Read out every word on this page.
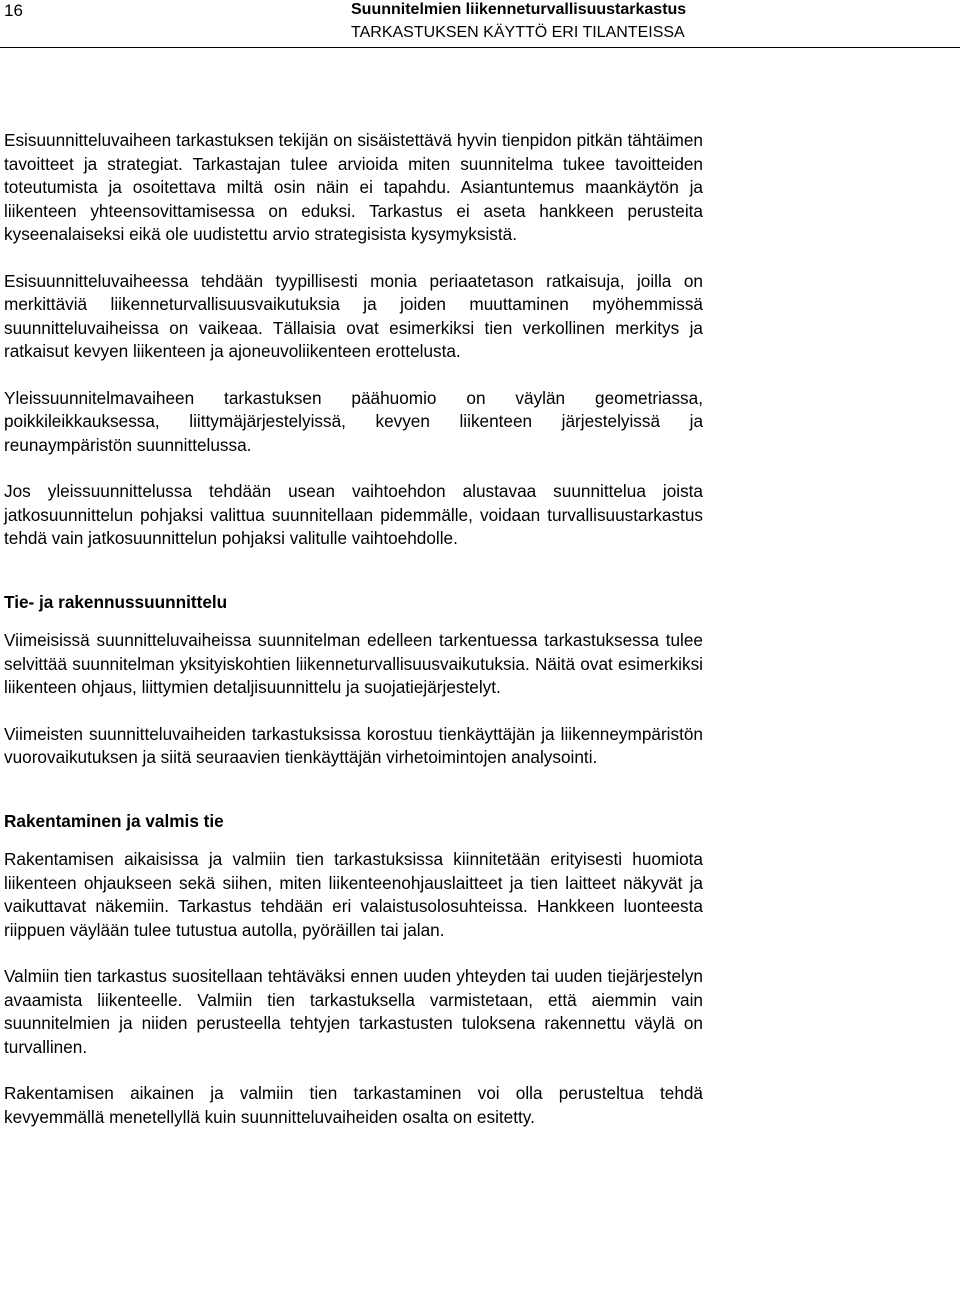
16	Suunnitelmien liikenneturvallisuustarkastus
TARKASTUKSEN KÄYTTÖ ERI TILANTEISSA

Esisuunnitteluvaiheen tarkastuksen tekijän on sisäistettävä hyvin tienpidon pitkän tähtäimen tavoitteet ja strategiat. Tarkastajan tulee arvioida miten suunnitelma tukee tavoitteiden toteutumista ja osoitettava miltä osin näin ei tapahdu. Asiantuntemus maankäytön ja liikenteen yhteensovittamisessa on eduksi. Tarkastus ei aseta hankkeen perusteita kyseenalaiseksi eikä ole uudistettu arvio strategisista kysymyksistä.

Esisuunnitteluvaiheessa tehdään tyypillisesti monia periaatetason ratkaisuja, joilla on merkittäviä liikenneturvallisuusvaikutuksia ja joiden muuttaminen myöhemmissä suunnitteluvaiheissa on vaikeaa. Tällaisia ovat esimerkiksi tien verkollinen merkitys ja ratkaisut kevyen liikenteen ja ajoneuvoliikenteen erottelusta.

Yleissuunnitelmavaiheen tarkastuksen päähuomio on väylän geometriassa, poikkileikkauksessa, liittymäjärjestelyissä, kevyen liikenteen järjestelyissä ja reunaympäristön suunnittelussa.

Jos yleissuunnittelussa tehdään usean vaihtoehdon alustavaa suunnittelua joista jatkosuunnittelun pohjaksi valittua suunnitellaan pidemmälle, voidaan turvallisuustarkastus tehdä vain jatkosuunnittelun pohjaksi valitulle vaihtoehdolle.

Tie- ja rakennussuunnittelu

Viimeisissä suunnitteluvaiheissa suunnitelman edelleen tarkentuessa tarkastuksessa tulee selvittää suunnitelman yksityiskohtien liikenneturvallisuusvaikutuksia. Näitä ovat esimerkiksi liikenteen ohjaus, liittymien detaljisuunnittelu ja suojatiejärjestelyt.

Viimeisten suunnitteluvaiheiden tarkastuksissa korostuu tienkäyttäjän ja liikenneympäristön vuorovaikutuksen ja siitä seuraavien tienkäyttäjän virhetoimintojen analysointi.

Rakentaminen ja valmis tie

Rakentamisen aikaisissa ja valmiin tien tarkastuksissa kiinnitetään erityisesti huomiota liikenteen ohjaukseen sekä siihen, miten liikenteenohjauslaitteet ja tien laitteet näkyvät ja vaikuttavat näkemiin. Tarkastus tehdään eri valaistusolosuhteissa. Hankkeen luonteesta riippuen väylään tulee tutustua autolla, pyöräillen tai jalan.

Valmiin tien tarkastus suositellaan tehtäväksi ennen uuden yhteyden tai uuden tiejärjestelyn avaamista liikenteelle. Valmiin tien tarkastuksella varmistetaan, että aiemmin vain suunnitelmien ja niiden perusteella tehtyjen tarkastusten tuloksena rakennettu väylä on turvallinen.

Rakentamisen aikainen ja valmiin tien tarkastaminen voi olla perusteltua tehdä kevyemmällä menetellyllä kuin suunnitteluvaiheiden osalta on esitetty.
